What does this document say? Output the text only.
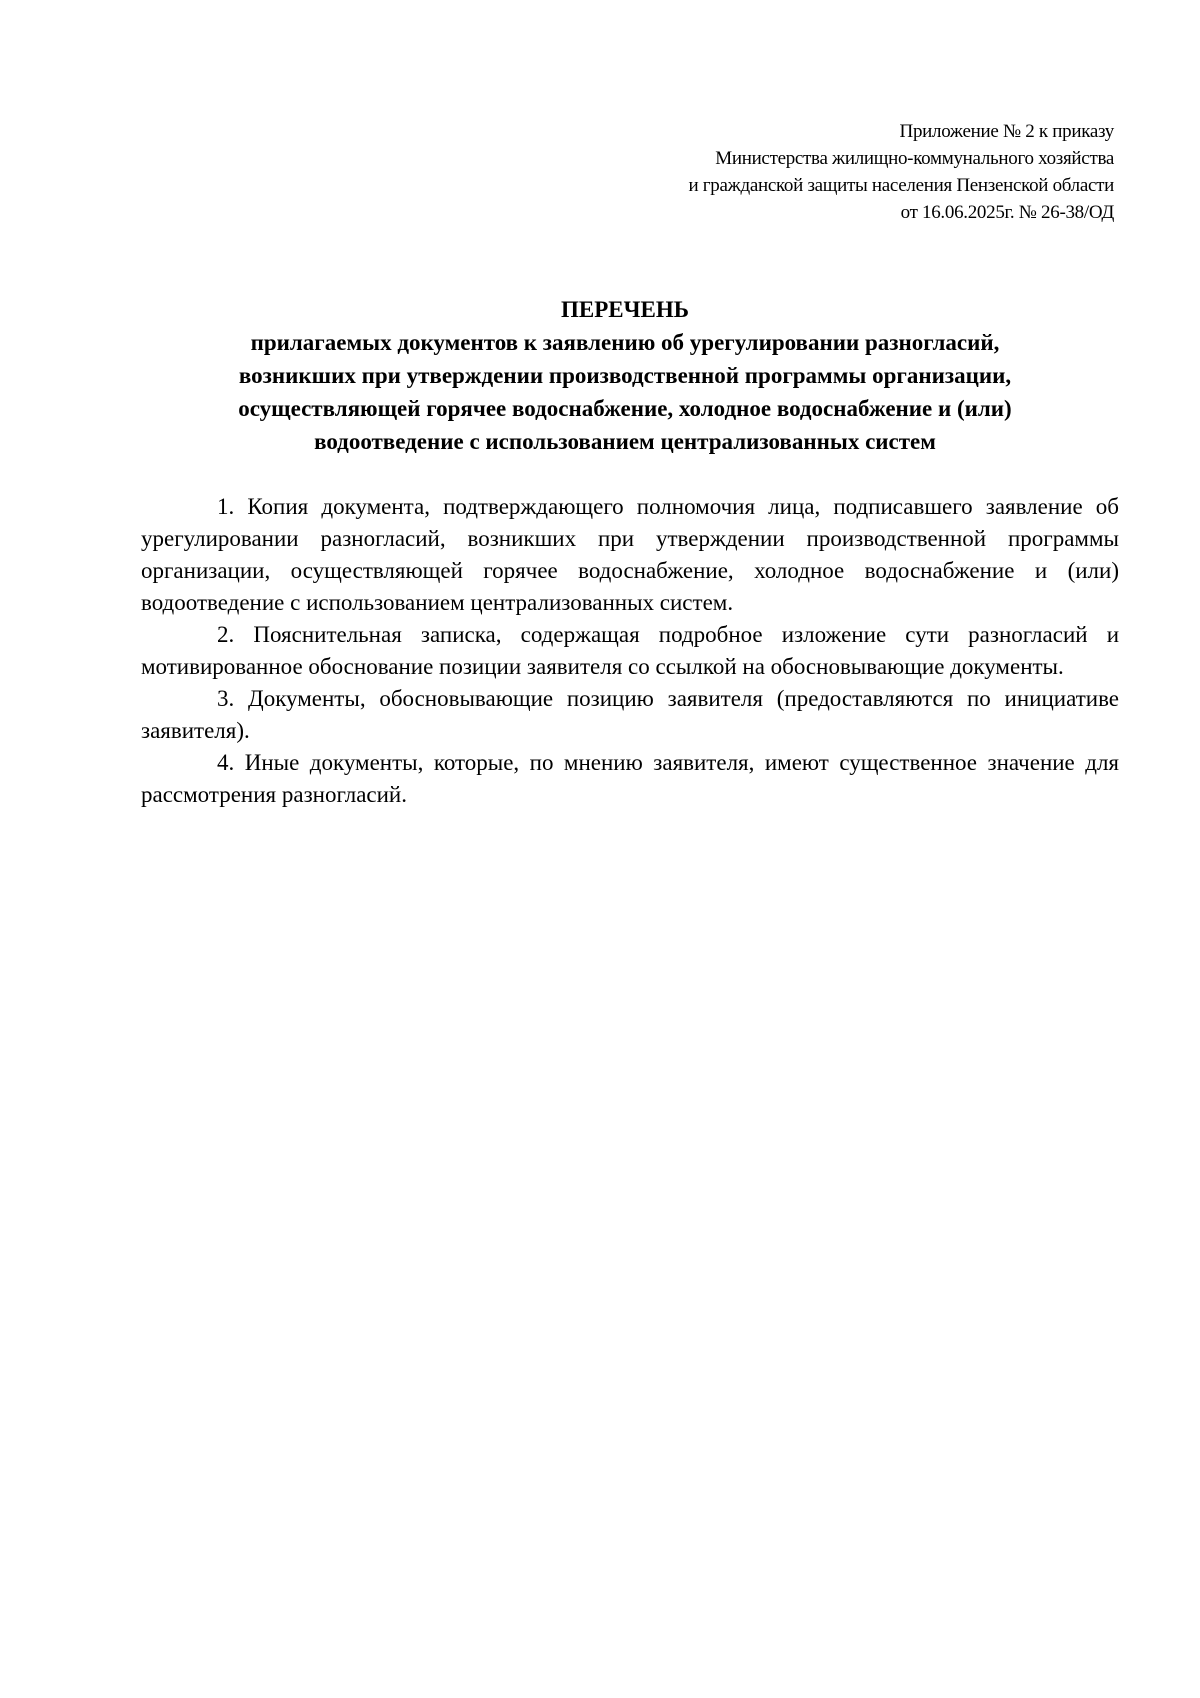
Приложение № 2 к приказу
Министерства жилищно-коммунального хозяйства
и гражданской защиты населения Пензенской области
от 16.06.2025г. № 26-38/ОД
ПЕРЕЧЕНЬ
прилагаемых документов к заявлению об урегулировании разногласий,
возникших при утверждении производственной программы организации,
осуществляющей горячее водоснабжение, холодное водоснабжение и (или)
водоотведение с использованием централизованных систем

1. Копия документа, подтверждающего полномочия лица, подписавшего заявление об урегулировании разногласий, возникших при утверждении производственной программы организации, осуществляющей горячее водоснабжение, холодное водоснабжение и (или) водоотведение с использованием централизованных систем.

2. Пояснительная записка, содержащая подробное изложение сути разногласий и мотивированное обоснование позиции заявителя со ссылкой на обосновывающие документы.

3. Документы, обосновывающие позицию заявителя (предоставляются по инициативе заявителя).

4. Иные документы, которые, по мнению заявителя, имеют существенное значение для рассмотрения разногласий.
